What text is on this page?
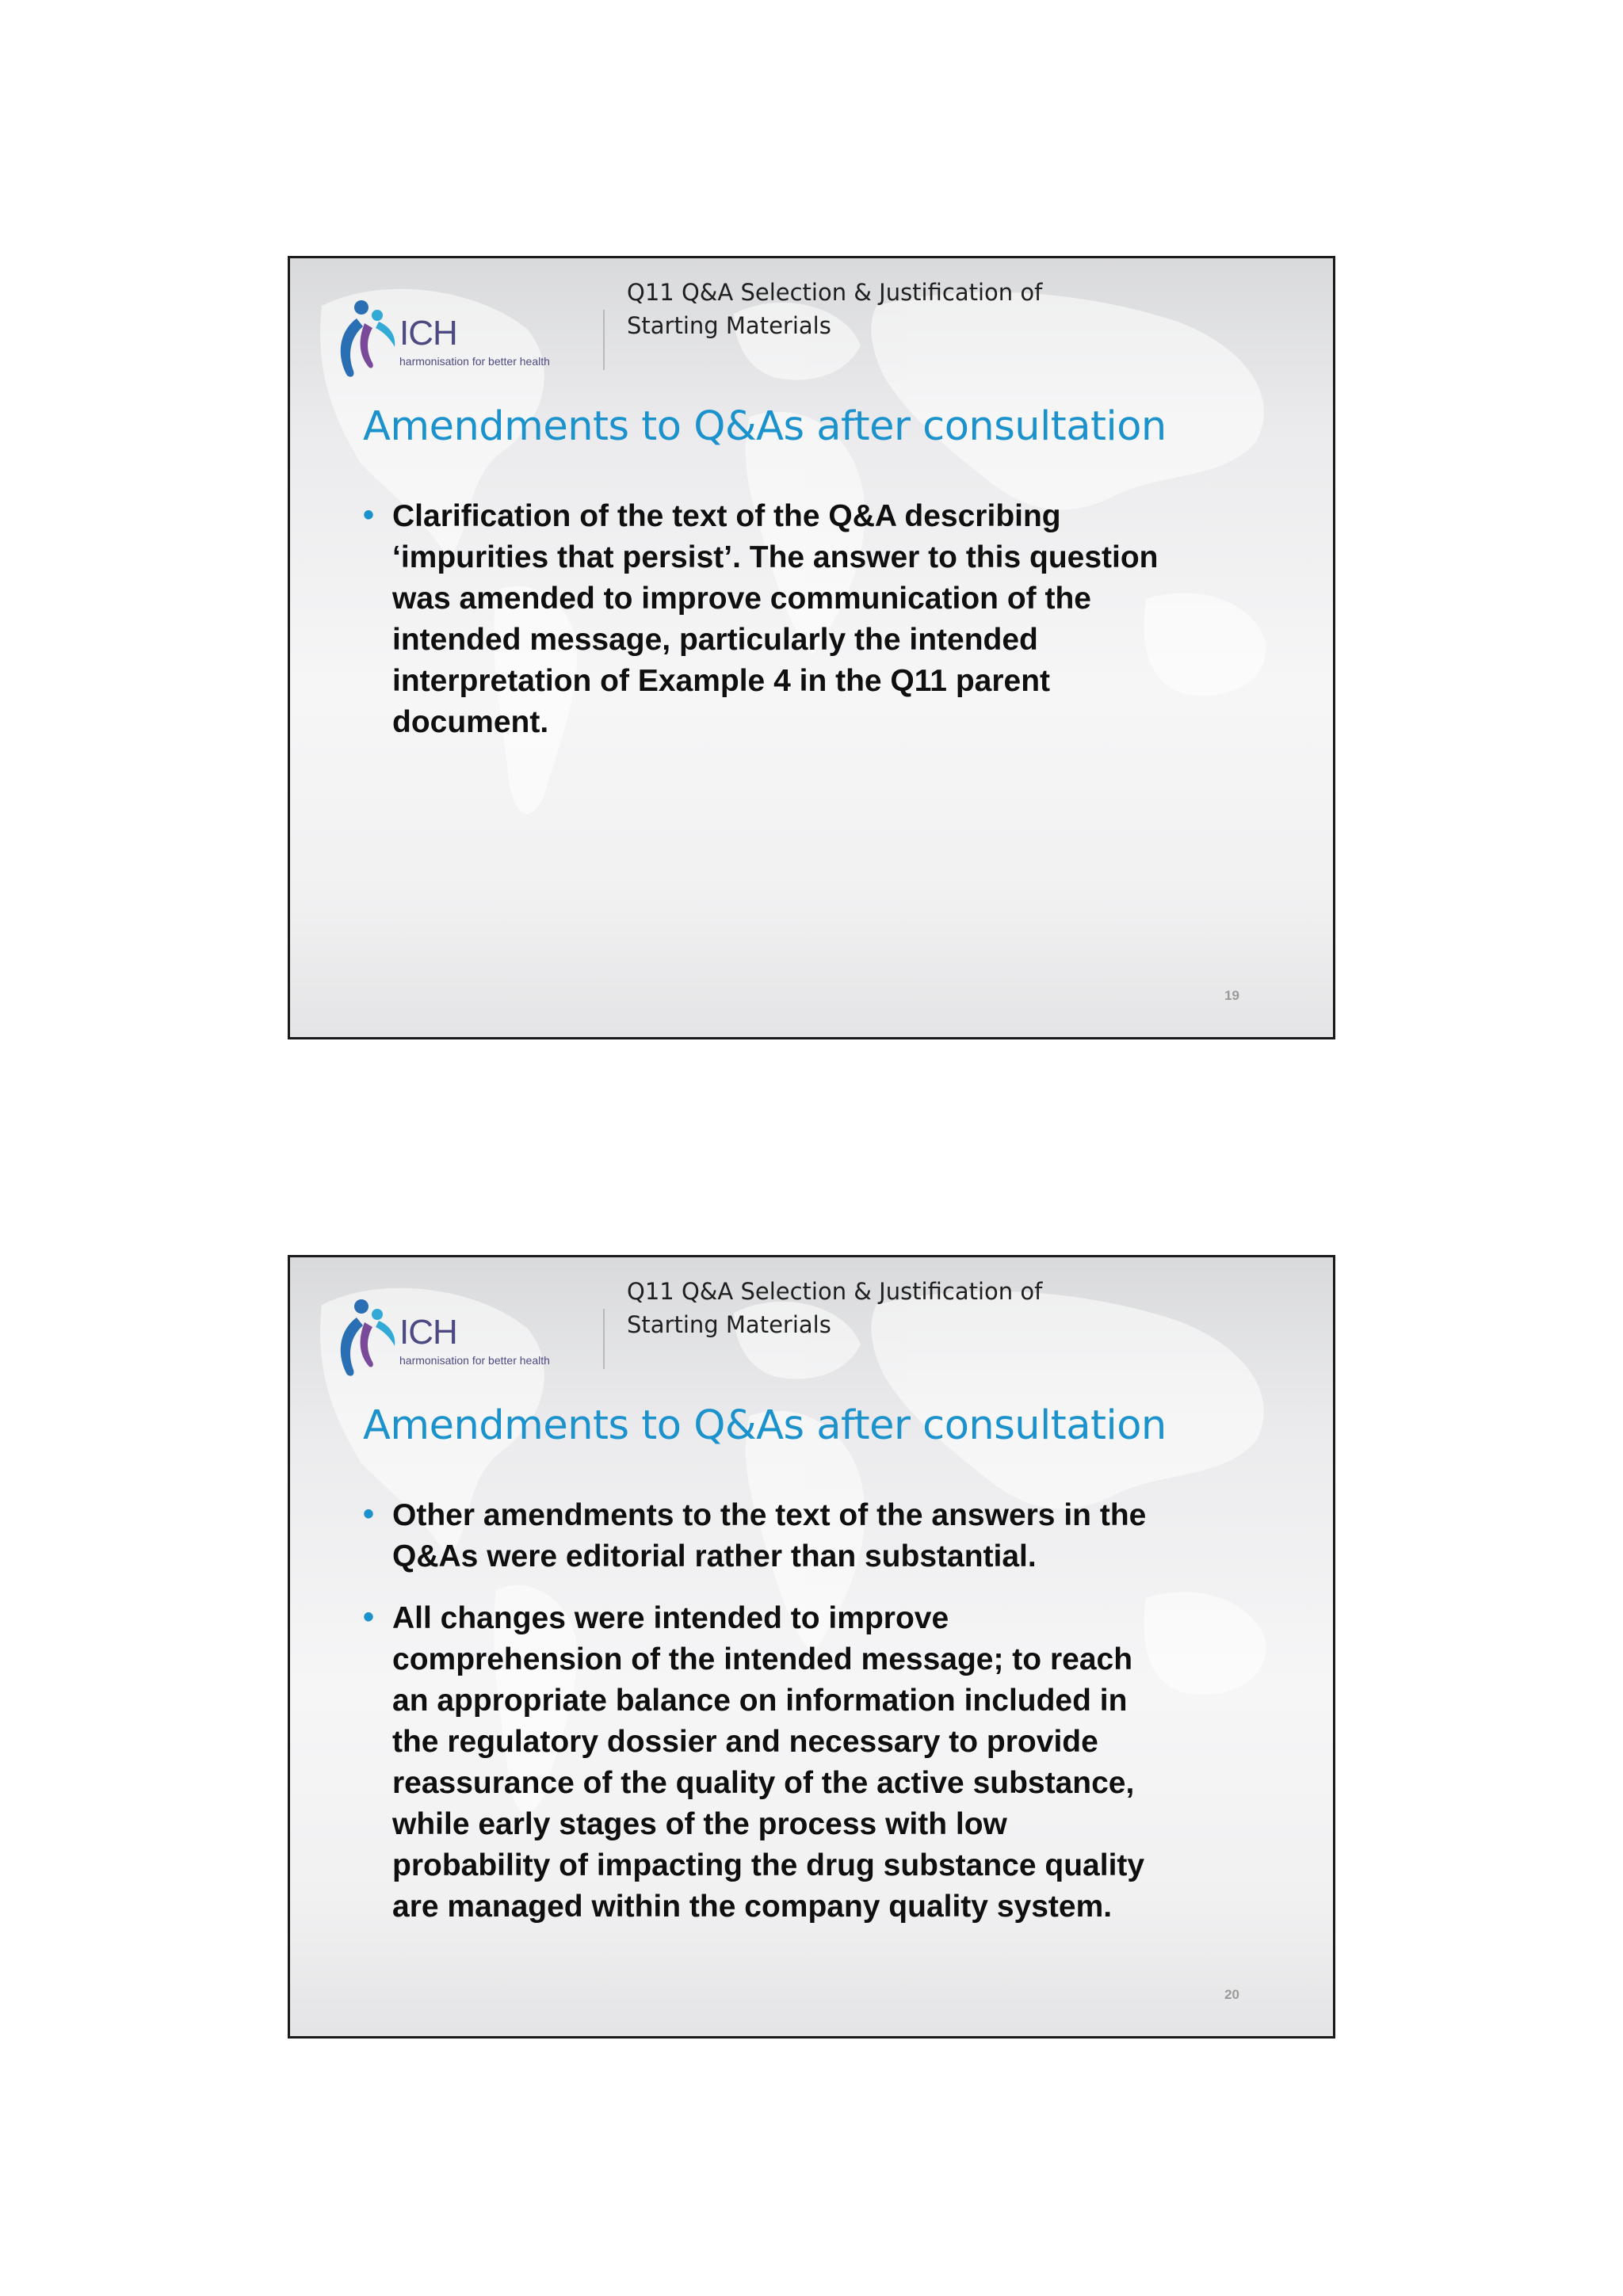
ICH
harmonisation for better health
Q11 Q&A Selection & Justification of
Starting Materials
Amendments to Q&As after consultation
• Clarification of the text of the Q&A describing
‘impurities that persist’. The answer to this question
was amended to improve communication of the
intended message, particularly the intended
interpretation of Example 4 in the Q11 parent
document.
19
ICH
harmonisation for better health
Q11 Q&A Selection & Justification of
Starting Materials
Amendments to Q&As after consultation
• Other amendments to the text of the answers in the
Q&As were editorial rather than substantial.
• All changes were intended to improve
comprehension of the intended message; to reach
an appropriate balance on information included in
the regulatory dossier and necessary to provide
reassurance of the quality of the active substance,
while early stages of the process with low
probability of impacting the drug substance quality
are managed within the company quality system.
20
